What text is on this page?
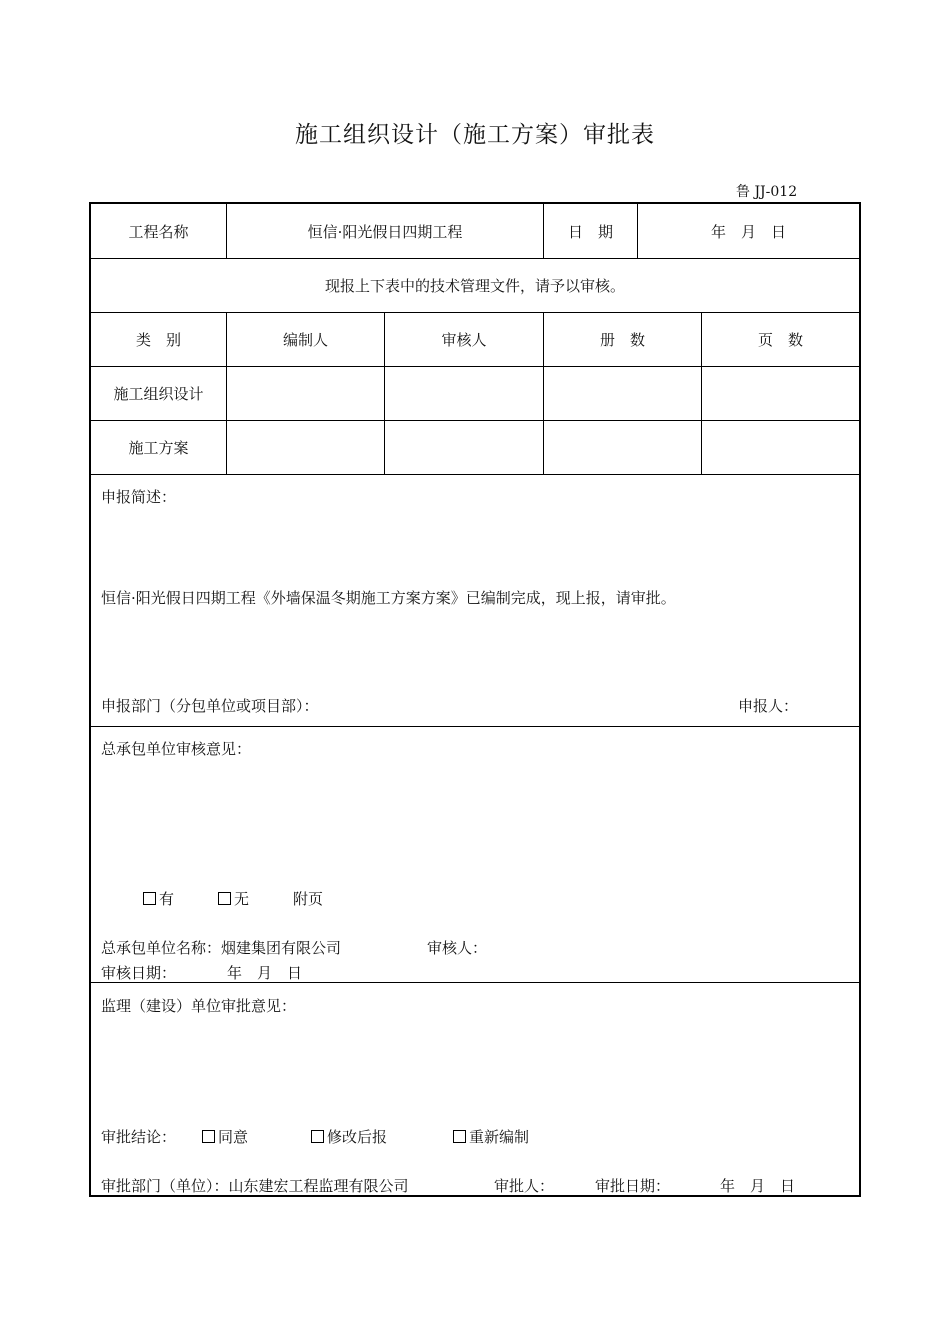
施工组织设计（施工方案）审批表
鲁 JJ-012
工程名称	恒信·阳光假日四期工程	日　期	年　月　日
现报上下表中的技术管理文件，请予以审核。
类　别	编制人	审核人	册　数	页　数
施工组织设计
施工方案
申报简述：
恒信·阳光假日四期工程《外墙保温冬期施工方案方案》已编制完成，现上报，请审批。
申报部门（分包单位或项目部）：	申报人：
总承包单位审核意见：
有	无	附页
总承包单位名称：烟建集团有限公司	审核人：
审核日期：	年　月　日
监理（建设）单位审批意见：
审批结论：	同意	修改后报	重新编制
审批部门（单位）：山东建宏工程监理有限公司	审批人：	审批日期：	年　月　日
